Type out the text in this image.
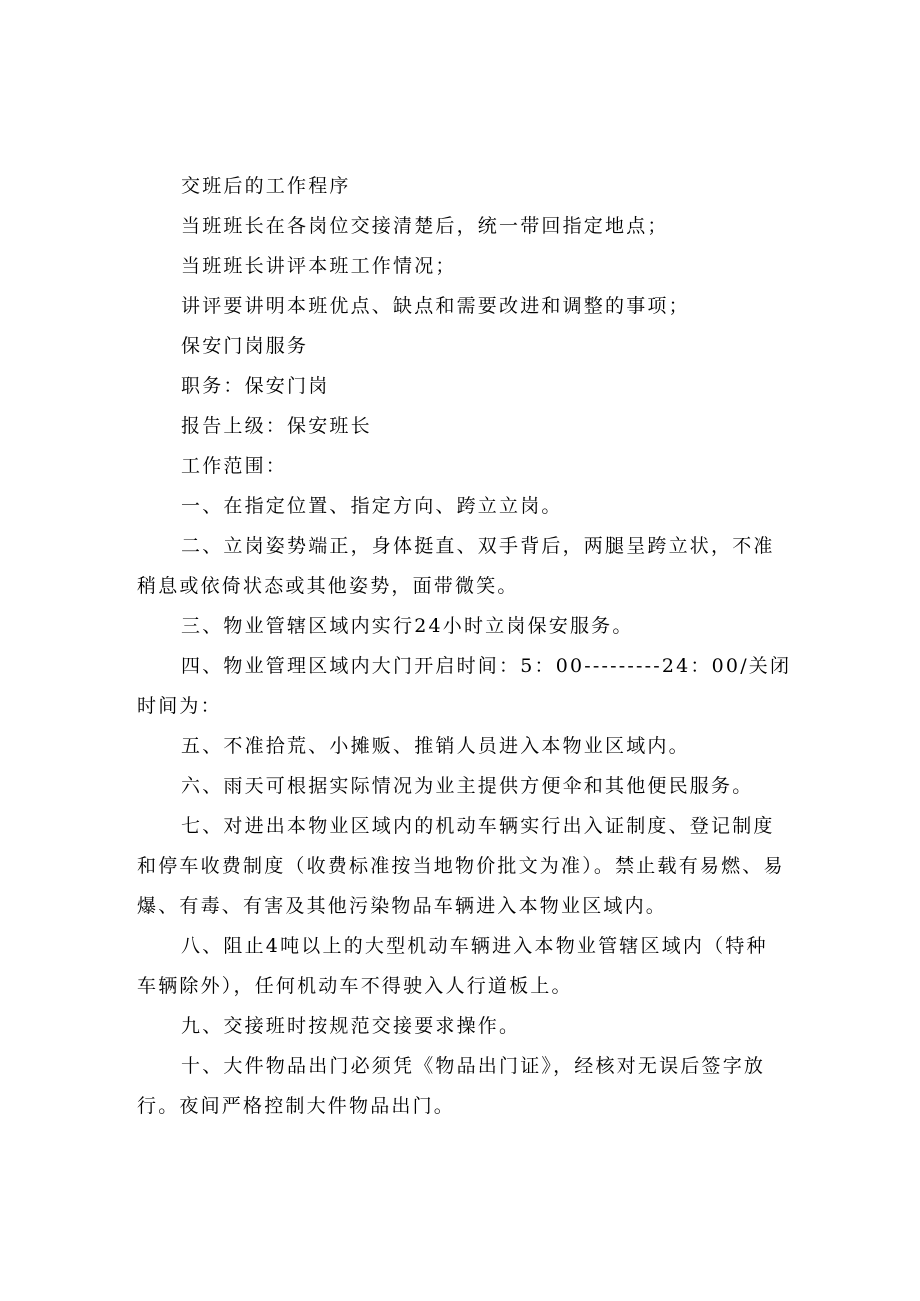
交班后的工作程序

当班班长在各岗位交接清楚后，统一带回指定地点；

当班班长讲评本班工作情况；

讲评要讲明本班优点、缺点和需要改进和调整的事项；

保安门岗服务

职务：保安门岗

报告上级：保安班长

工作范围：

一、在指定位置、指定方向、跨立立岗。

二、立岗姿势端正，身体挺直、双手背后，两腿呈跨立状，不准稍息或依倚状态或其他姿势，面带微笑。

三、物业管辖区域内实行24小时立岗保安服务。

四、物业管理区域内大门开启时间：5：00---------24：00/关闭时间为：

五、不准拾荒、小摊贩、推销人员进入本物业区域内。

六、雨天可根据实际情况为业主提供方便伞和其他便民服务。

七、对进出本物业区域内的机动车辆实行出入证制度、登记制度和停车收费制度（收费标准按当地物价批文为准）。禁止载有易燃、易爆、有毒、有害及其他污染物品车辆进入本物业区域内。

八、阻止4吨以上的大型机动车辆进入本物业管辖区域内（特种 车辆除外），任何机动车不得驶入人行道板上。

九、交接班时按规范交接要求操作。

十、大件物品出门必须凭《物品出门证》，经核对无误后签字放行。夜间严格控制大件物品出门。
